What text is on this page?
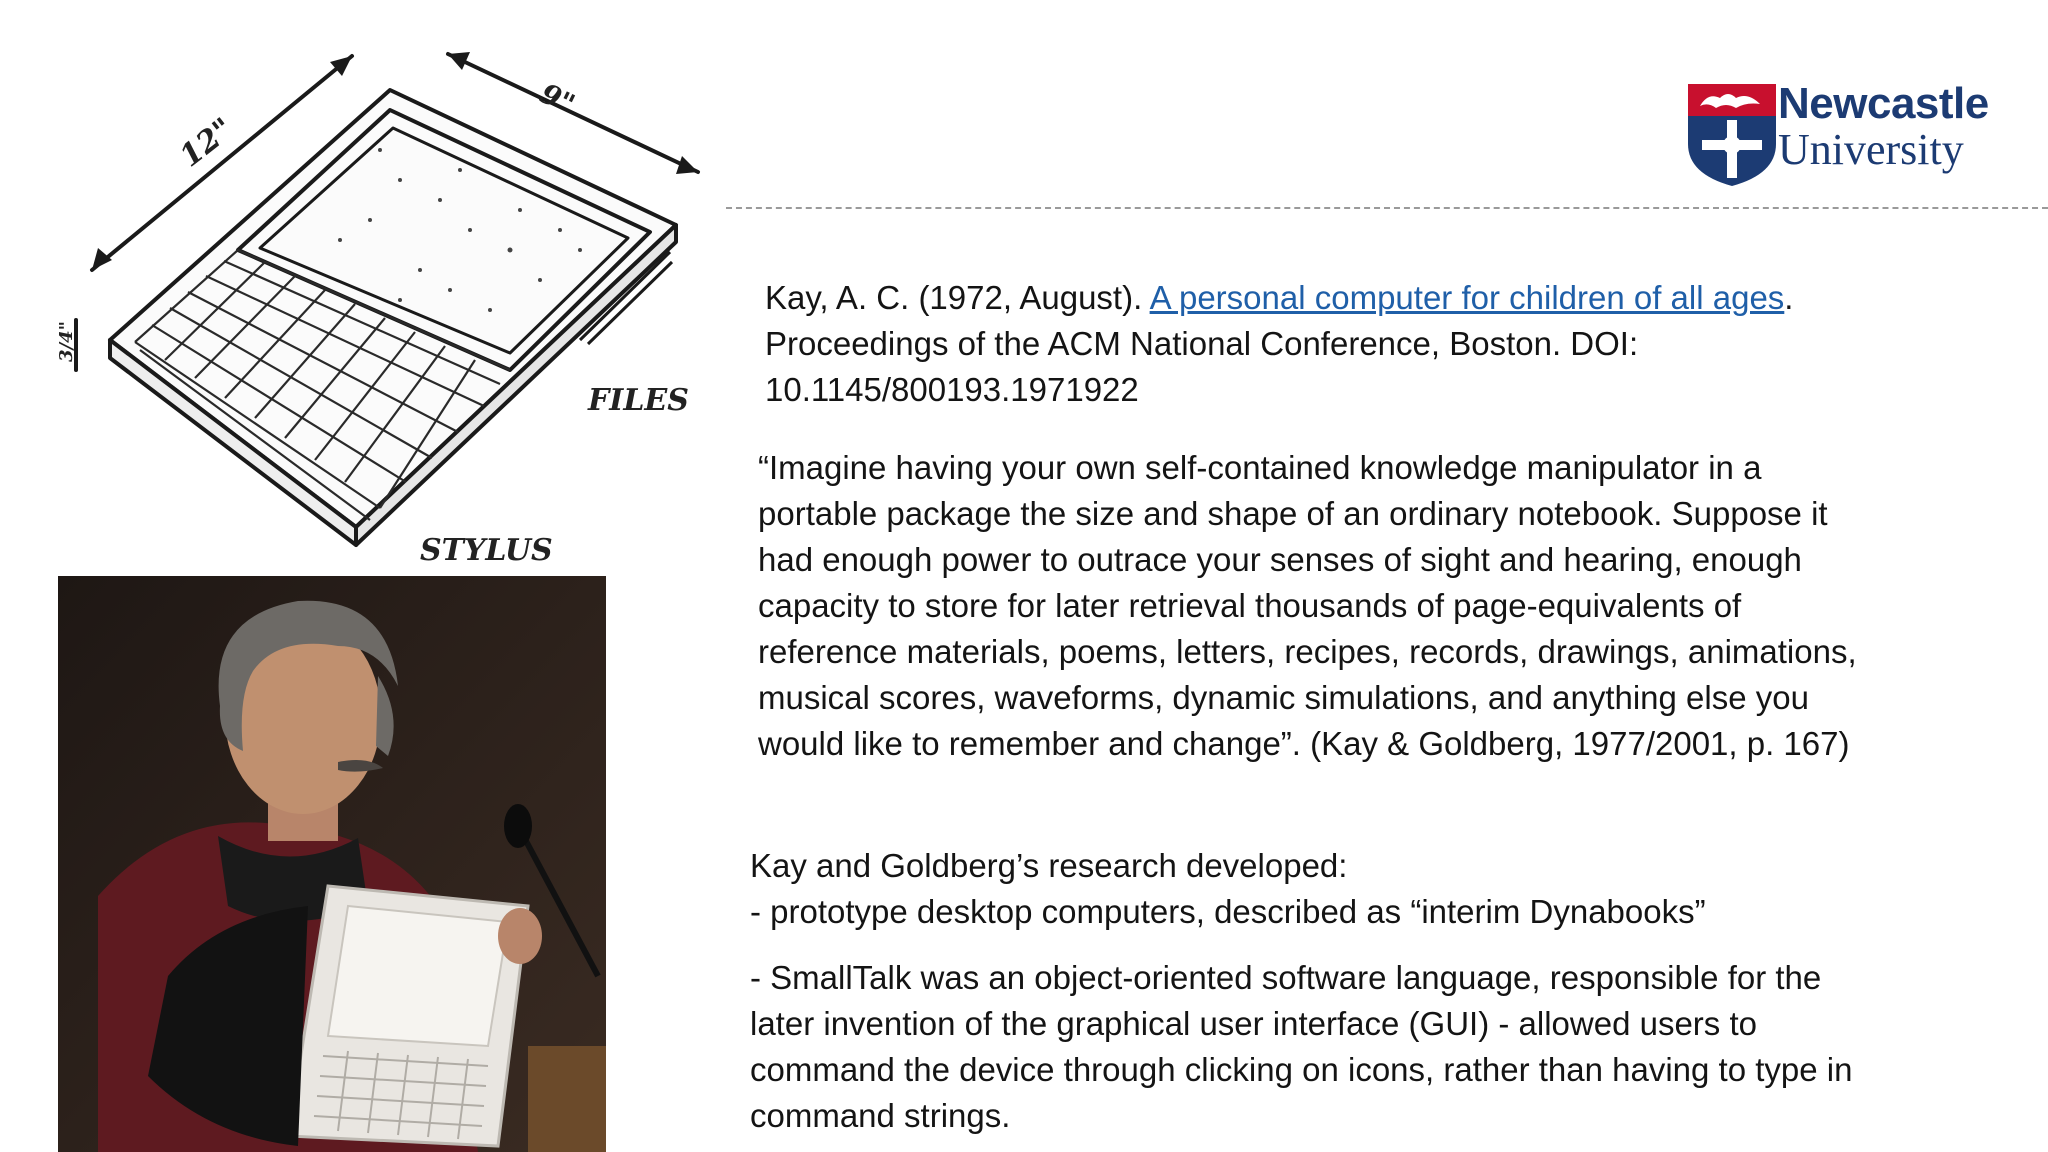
12"
9"
3/4"
FILES
STYLUS
Newcastle
University
Kay, A. C. (1972, August). A personal computer for children of all ages.
Proceedings of the ACM National Conference, Boston. DOI:
10.1145/800193.1971922
“Imagine having your own self-contained knowledge manipulator in a
portable package the size and shape of an ordinary notebook. Suppose it
had enough power to outrace your senses of sight and hearing, enough
capacity to store for later retrieval thousands of page-equivalents of
reference materials, poems, letters, recipes, records, drawings, animations,
musical scores, waveforms, dynamic simulations, and anything else you
would like to remember and change”. (Kay & Goldberg, 1977/2001, p. 167)

Kay and Goldberg’s research developed:
- prototype desktop computers, described as “interim Dynabooks”

- SmallTalk was an object-oriented software language, responsible for the
later invention of the graphical user interface (GUI) - allowed users to
command the device through clicking on icons, rather than having to type in
command strings.
